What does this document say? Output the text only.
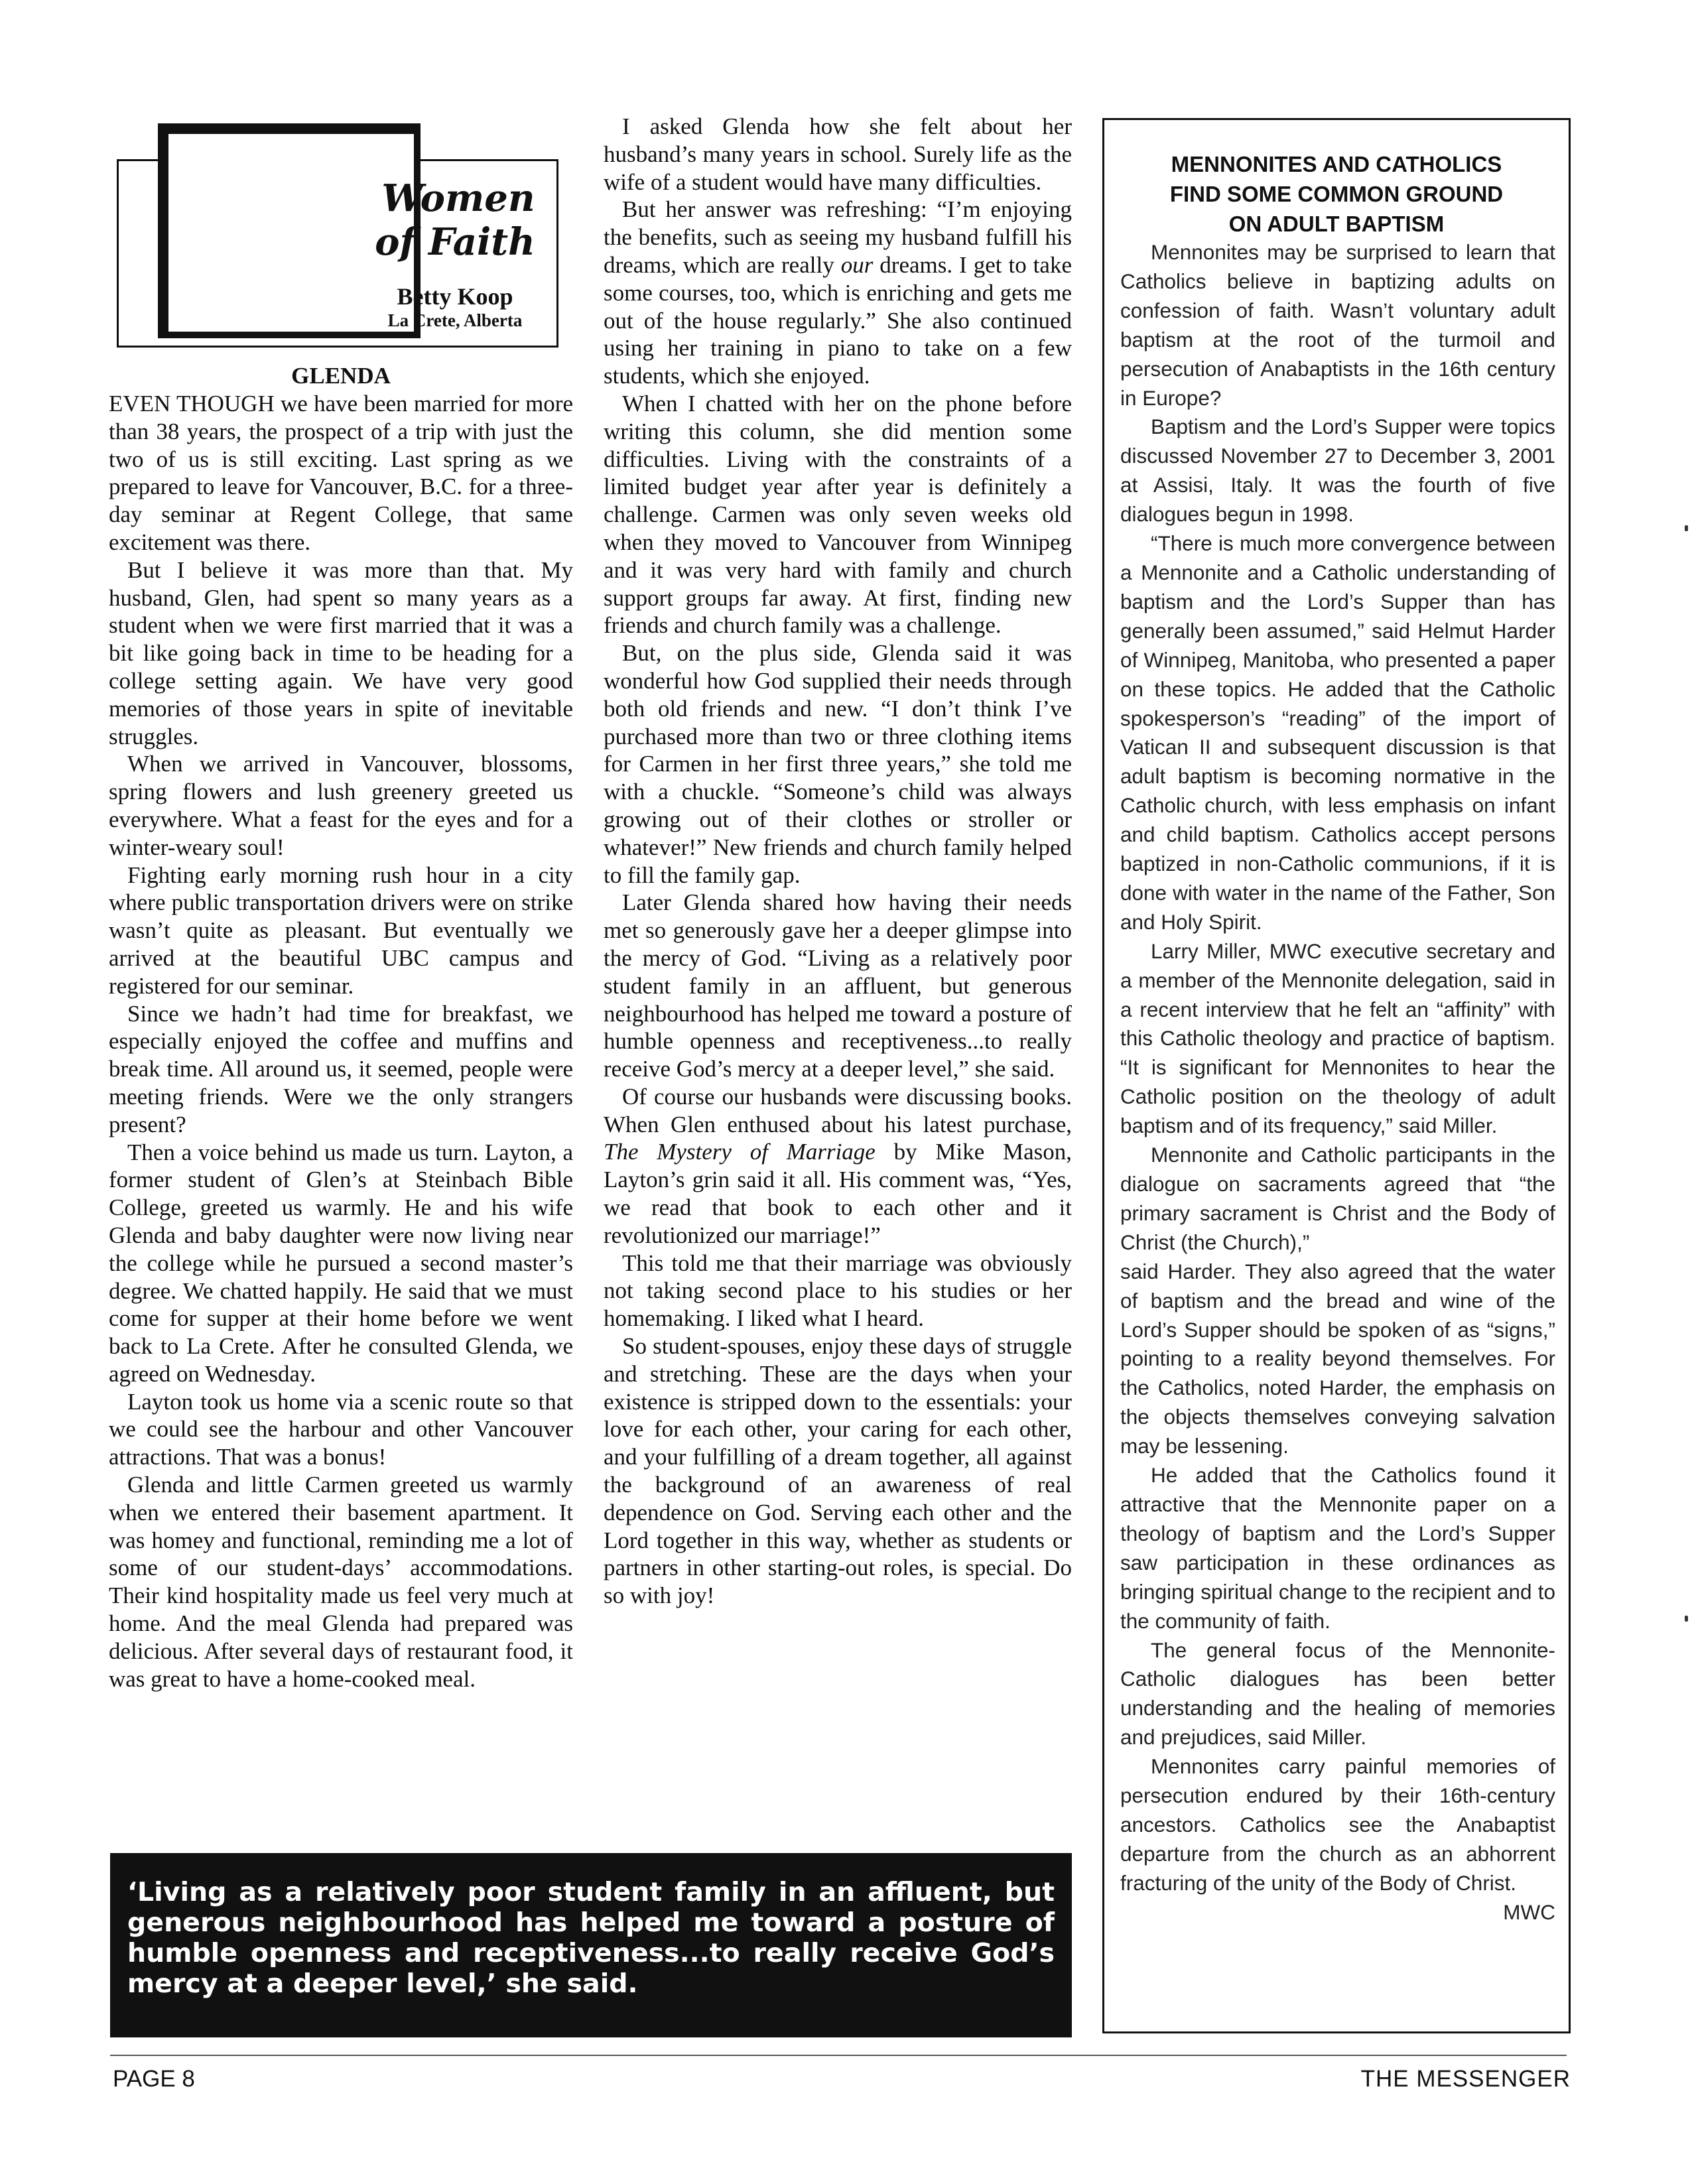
Women
of Faith
Betty Koop
La Crete, Alberta
GLENDA

EVEN THOUGH we have been married for more than 38 years, the prospect of a trip with just the two of us is still exciting. Last spring as we prepared to leave for Vancouver, B.C. for a three-day seminar at Regent College, that same excitement was there.

But I believe it was more than that. My husband, Glen, had spent so many years as a student when we were first married that it was a bit like going back in time to be heading for a college setting again. We have very good memories of those years in spite of inevitable struggles.

When we arrived in Vancouver, blossoms, spring flowers and lush greenery greeted us everywhere. What a feast for the eyes and for a winter-weary soul!

Fighting early morning rush hour in a city where public transportation drivers were on strike wasn’t quite as pleasant. But eventually we arrived at the beautiful UBC campus and registered for our seminar.

Since we hadn’t had time for breakfast, we especially enjoyed the coffee and muffins and break time. All around us, it seemed, people were meeting friends. Were we the only strangers present?

Then a voice behind us made us turn. Layton, a former student of Glen’s at Steinbach Bible College, greeted us warmly. He and his wife Glenda and baby daughter were now living near the college while he pursued a second master’s degree. We chatted happily. He said that we must come for supper at their home before we went back to La Crete. After he consulted Glenda, we agreed on Wednesday.

Layton took us home via a scenic route so that we could see the harbour and other Vancouver attractions. That was a bonus!

Glenda and little Carmen greeted us warmly when we entered their basement apartment. It was homey and functional, reminding me a lot of some of our student-days’ accommodations. Their kind hospitality made us feel very much at home. And the meal Glenda had prepared was delicious. After several days of restaurant food, it was great to have a home-cooked meal.

I asked Glenda how she felt about her husband’s many years in school. Surely life as the wife of a student would have many difficulties.

But her answer was refreshing: “I’m enjoying the benefits, such as seeing my husband fulfill his dreams, which are really our dreams. I get to take some courses, too, which is enriching and gets me out of the house regularly.” She also continued using her training in piano to take on a few students, which she enjoyed.

When I chatted with her on the phone before writing this column, she did mention some difficulties. Living with the constraints of a limited budget year after year is definitely a challenge. Carmen was only seven weeks old when they moved to Vancouver from Winnipeg and it was very hard with family and church support groups far away. At first, finding new friends and church family was a challenge.

But, on the plus side, Glenda said it was wonderful how God supplied their needs through both old friends and new. “I don’t think I’ve purchased more than two or three clothing items for Carmen in her first three years,” she told me with a chuckle. “Someone’s child was always growing out of their clothes or stroller or whatever!” New friends and church family helped to fill the family gap.

Later Glenda shared how having their needs met so generously gave her a deeper glimpse into the mercy of God. “Living as a relatively poor student family in an affluent, but generous neighbourhood has helped me toward a posture of humble openness and receptiveness...to really receive God’s mercy at a deeper level,” she said.

Of course our husbands were discussing books. When Glen enthused about his latest purchase, The Mystery of Marriage by Mike Mason, Layton’s grin said it all. His comment was, “Yes, we read that book to each other and it revolutionized our marriage!”

This told me that their marriage was obviously not taking second place to his studies or her homemaking. I liked what I heard.

So student-spouses, enjoy these days of struggle and stretching. These are the days when your existence is stripped down to the essentials: your love for each other, your caring for each other, and your fulfilling of a dream together, all against the background of an awareness of real dependence on God. Serving each other and the Lord together in this way, whether as students or partners in other starting-out roles, is special. Do so with joy!

MENNONITES AND CATHOLICS
FIND SOME COMMON GROUND
ON ADULT BAPTISM

Mennonites may be surprised to learn that Catholics believe in baptizing adults on confession of faith. Wasn’t voluntary adult baptism at the root of the turmoil and persecution of Anabaptists in the 16th century in Europe?

Baptism and the Lord’s Supper were topics discussed November 27 to December 3, 2001 at Assisi, Italy. It was the fourth of five dialogues begun in 1998.

“There is much more convergence between a Mennonite and a Catholic understanding of baptism and the Lord’s Supper than has generally been assumed,” said Helmut Harder of Winnipeg, Manitoba, who presented a paper on these topics. He added that the Catholic spokesperson’s “reading” of the import of Vatican II and subsequent discussion is that adult baptism is becoming normative in the Catholic church, with less emphasis on infant and child baptism. Catholics accept persons baptized in non-Catholic communions, if it is done with water in the name of the Father, Son and Holy Spirit.

Larry Miller, MWC executive secretary and a member of the Mennonite delegation, said in a recent interview that he felt an “affinity” with this Catholic theology and practice of baptism. “It is significant for Mennonites to hear the Catholic position on the theology of adult baptism and of its frequency,” said Miller.

Mennonite and Catholic participants in the dialogue on sacraments agreed that “the primary sacrament is Christ and the Body of Christ (the Church),”

said Harder. They also agreed that the water of baptism and the bread and wine of the Lord’s Supper should be spoken of as “signs,” pointing to a reality beyond themselves. For the Catholics, noted Harder, the emphasis on the objects themselves conveying salvation may be lessening.

He added that the Catholics found it attractive that the Mennonite paper on a theology of baptism and the Lord’s Supper saw participation in these ordinances as bringing spiritual change to the recipient and to the community of faith.

The general focus of the Mennonite-Catholic dialogues has been better understanding and the healing of memories and prejudices, said Miller.

Mennonites carry painful memories of persecution endured by their 16th-century ancestors. Catholics see the Anabaptist departure from the church as an abhorrent fracturing of the unity of the Body of Christ.

MWC

‘Living as a relatively poor student family in an affluent, but generous neighbourhood has helped me toward a posture of humble openness and receptiveness...to really receive God’s mercy at a deeper level,’ she said.
PAGE 8	THE MESSENGER
